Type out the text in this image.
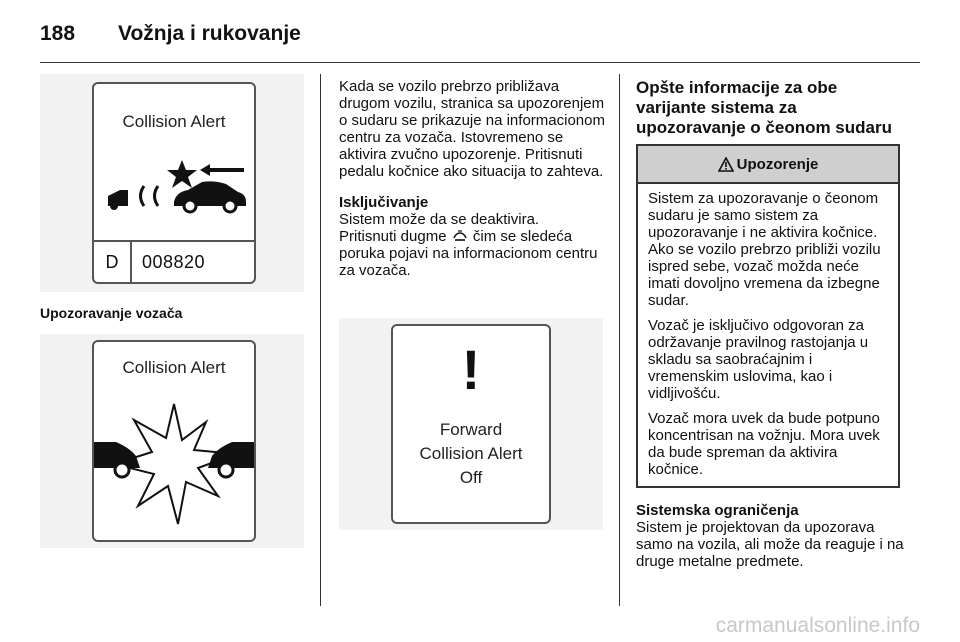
188	Vožnja i rukovanje
Collision Alert
D	008820
Upozoravanje vozača
Collision Alert

Kada se vozilo prebrzo približava drugom vozilu, stranica sa upozorenjem o sudaru se prikazuje na informacionom centru za vozača. Istovremeno se aktivira zvučno upozorenje. Pritisnuti pedalu kočnice ako situacija to zahteva.

Isključivanje
Sistem može da se deaktivira.
Pritisnuti dugme čim se sledeća poruka pojavi na informacionom centru za vozača.
!
Forward
Collision Alert
Off
Opšte informacije za obe
varijante sistema za
upozoravanje o čeonom sudaru
Upozorenje

Sistem za upozoravanje o čeonom sudaru je samo sistem za upozoravanje i ne aktivira kočnice. Ako se vozilo prebrzo približi vozilu ispred sebe, vozač možda neće imati dovoljno vremena da izbegne sudar.

Vozač je isključivo odgovoran za održavanje pravilnog rastojanja u skladu sa saobraćajnim i vremenskim uslovima, kao i vidljivošću.

Vozač mora uvek da bude potpuno koncentrisan na vožnju. Mora uvek da bude spreman da aktivira kočnice.

Sistemska ograničenja
Sistem je projektovan da upozorava samo na vozila, ali može da reaguje i na druge metalne predmete.
carmanualsonline.info
